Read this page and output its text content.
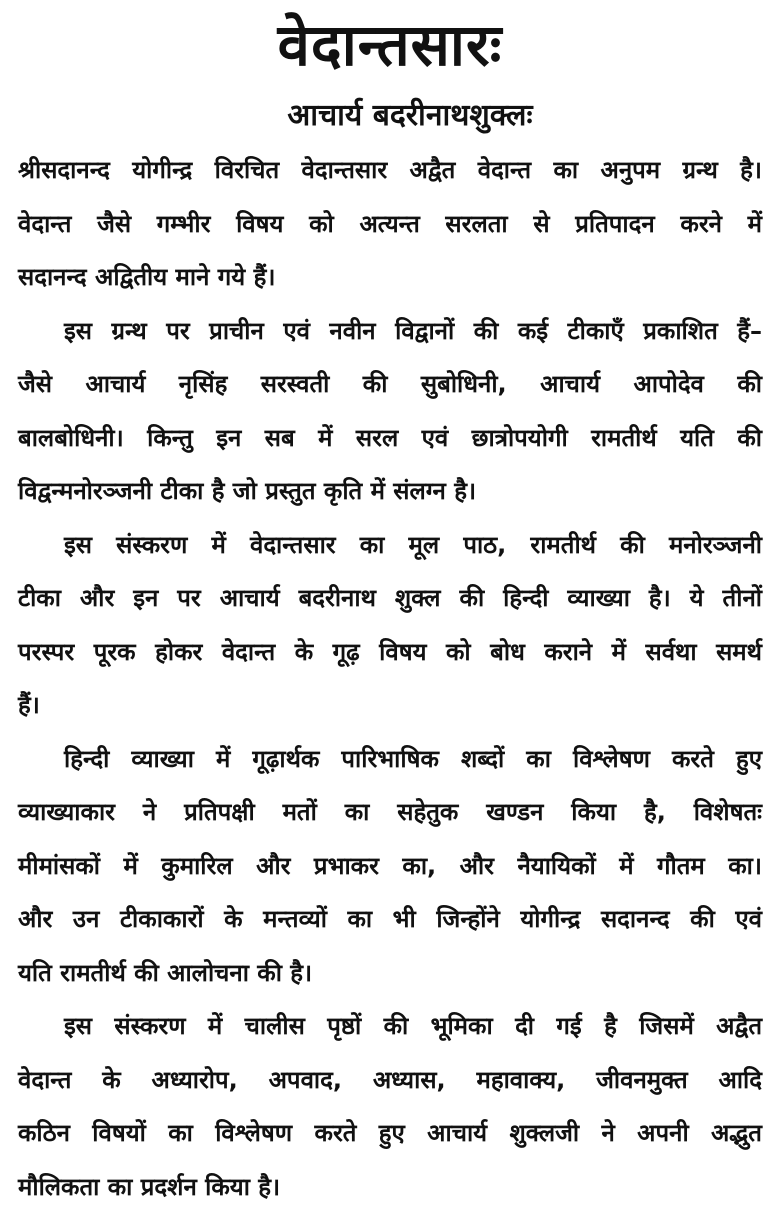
वेदान्तसारः
आचार्य बदरीनाथशुक्लः
श्रीसदानन्द योगीन्द्र विरचित वेदान्तसार अद्वैत वेदान्त का अनुपम ग्रन्थ है।
वेदान्त जैसे गम्भीर विषय को अत्यन्त सरलता से प्रतिपादन करने में
सदानन्द अद्वितीय माने गये हैं।
इस ग्रन्थ पर प्राचीन एवं नवीन विद्वानों की कई टीकाएँ प्रकाशित हैं–
जैसे आचार्य नृसिंह सरस्वती की सुबोधिनी, आचार्य आपोदेव की
बालबोधिनी। किन्तु इन सब में सरल एवं छात्रोपयोगी रामतीर्थ यति की
विद्वन्मनोरञ्जनी टीका है जो प्रस्तुत कृति में संलग्न है।
इस संस्करण में वेदान्तसार का मूल पाठ, रामतीर्थ की मनोरञ्जनी
टीका और इन पर आचार्य बदरीनाथ शुक्ल की हिन्दी व्याख्या है। ये तीनों
परस्पर पूरक होकर वेदान्त के गूढ़ विषय को बोध कराने में सर्वथा समर्थ
हैं।
हिन्दी व्याख्या में गूढ़ार्थक पारिभाषिक शब्दों का विश्लेषण करते हुए
व्याख्याकार ने प्रतिपक्षी मतों का सहेतुक खण्डन किया है, विशेषतः
मीमांसकों में कुमारिल और प्रभाकर का, और नैयायिकों में गौतम का।
और उन टीकाकारों के मन्तव्यों का भी जिन्होंने योगीन्द्र सदानन्द की एवं
यति रामतीर्थ की आलोचना की है।
इस संस्करण में चालीस पृष्ठों की भूमिका दी गई है जिसमें अद्वैत
वेदान्त के अध्यारोप, अपवाद, अध्यास, महावाक्य, जीवनमुक्त आदि
कठिन विषयों का विश्लेषण करते हुए आचार्य शुक्लजी ने अपनी अद्भुत
मौलिकता का प्रदर्शन किया है।
